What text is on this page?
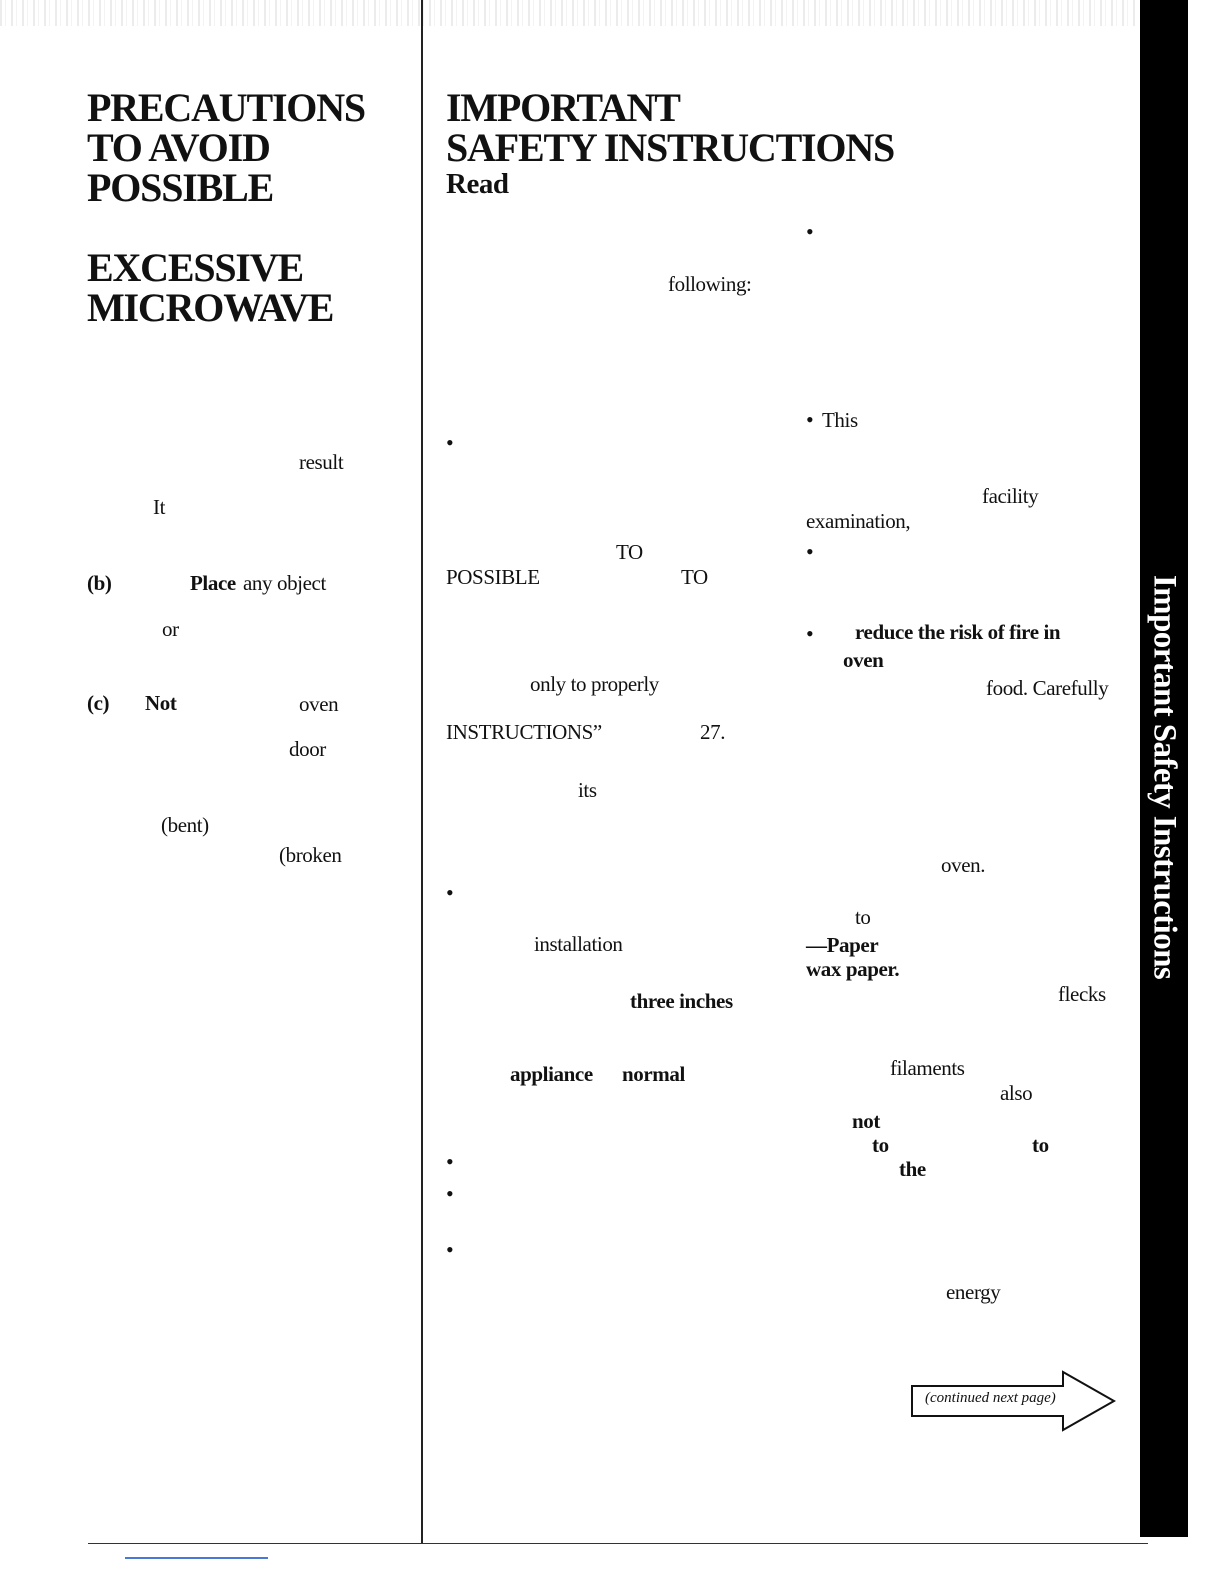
PRECAUTIONS
TO AVOID
POSSIBLE
EXCESSIVE
MICROWAVE
result
It
(b)	Place any object
or
(c) Not	oven
door
(bent)
(broken
IMPORTANT
SAFETY INSTRUCTIONS
Read
following:
•
TO
POSSIBLE	TO
only to properly
INSTRUCTIONS”	27.
its
•
installation
three inches
appliance normal
•
•
•
•
• This
facility
examination,
•
• reduce the risk of fire in
oven
food. Carefully
oven.
to
—Paper
wax paper.
flecks
filaments
also
not
to	to
the
energy
(continued next page)
Important Safety Instructions
